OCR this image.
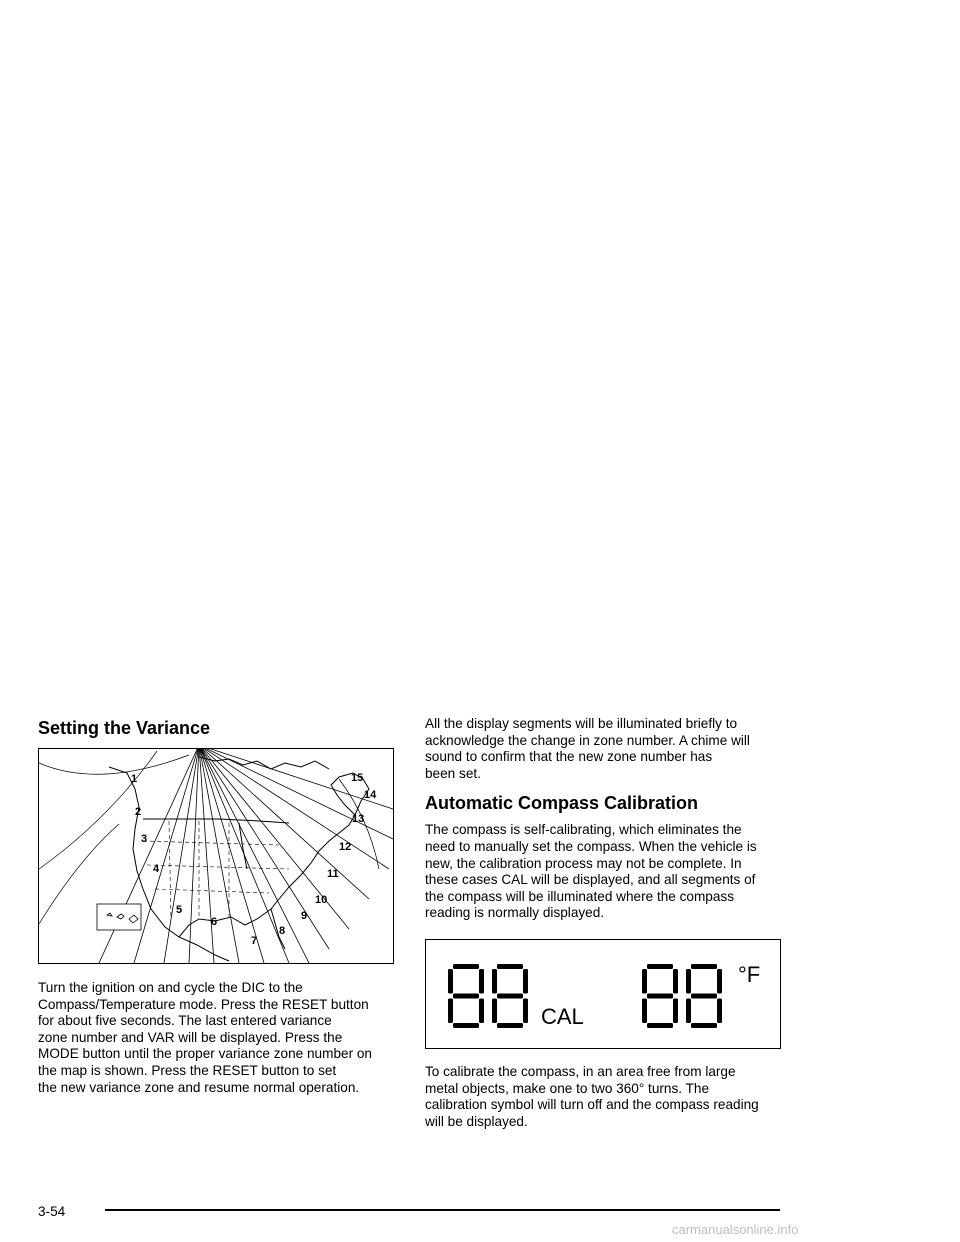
Setting the Variance
1
2
3
4
5
6
7
8
9
10
11
12
13
14
15

Turn the ignition on and cycle the DIC to the
Compass/Temperature mode. Press the RESET button
for about five seconds. The last entered variance
zone number and VAR will be displayed. Press the
MODE button until the proper variance zone number on
the map is shown. Press the RESET button to set
the new variance zone and resume normal operation.

All the display segments will be illuminated briefly to
acknowledge the change in zone number. A chime will
sound to confirm that the new zone number has
been set.

Automatic Compass Calibration

The compass is self-calibrating, which eliminates the
need to manually set the compass. When the vehicle is
new, the calibration process may not be complete. In
these cases CAL will be displayed, and all segments of
the compass will be illuminated where the compass
reading is normally displayed.

CAL
°F

To calibrate the compass, in an area free from large
metal objects, make one to two 360° turns. The
calibration symbol will turn off and the compass reading
will be displayed.

3-54
carmanualsonline.info
